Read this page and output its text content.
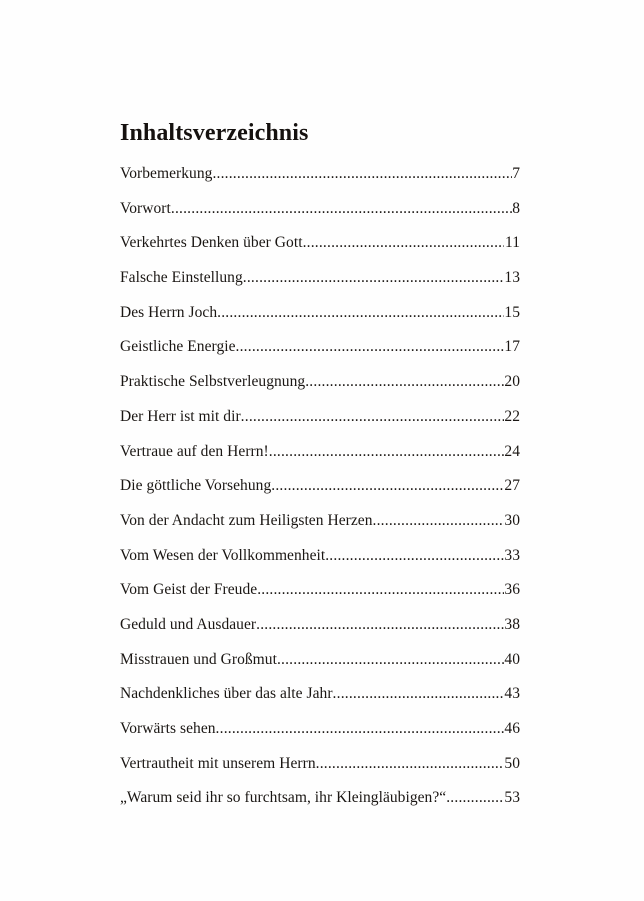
Inhaltsverzeichnis
Vorbemerkung .....	7
Vorwort .....	8
Verkehrtes Denken über Gott .....	11
Falsche Einstellung .....	13
Des Herrn Joch .....	15
Geistliche Energie .....	17
Praktische Selbstverleugnung .....	20
Der Herr ist mit dir .....	22
Vertraue auf den Herrn! .....	24
Die göttliche Vorsehung .....	27
Von der Andacht zum Heiligsten Herzen .....	30
Vom Wesen der Vollkommenheit .....	33
Vom Geist der Freude .....	36
Geduld und Ausdauer .....	38
Misstrauen und Großmut .....	40
Nachdenkliches über das alte Jahr .....	43
Vorwärts sehen .....	46
Vertrautheit mit unserem Herrn .....	50
„Warum seid ihr so furchtsam, ihr Kleingläubigen?“ .....	53
